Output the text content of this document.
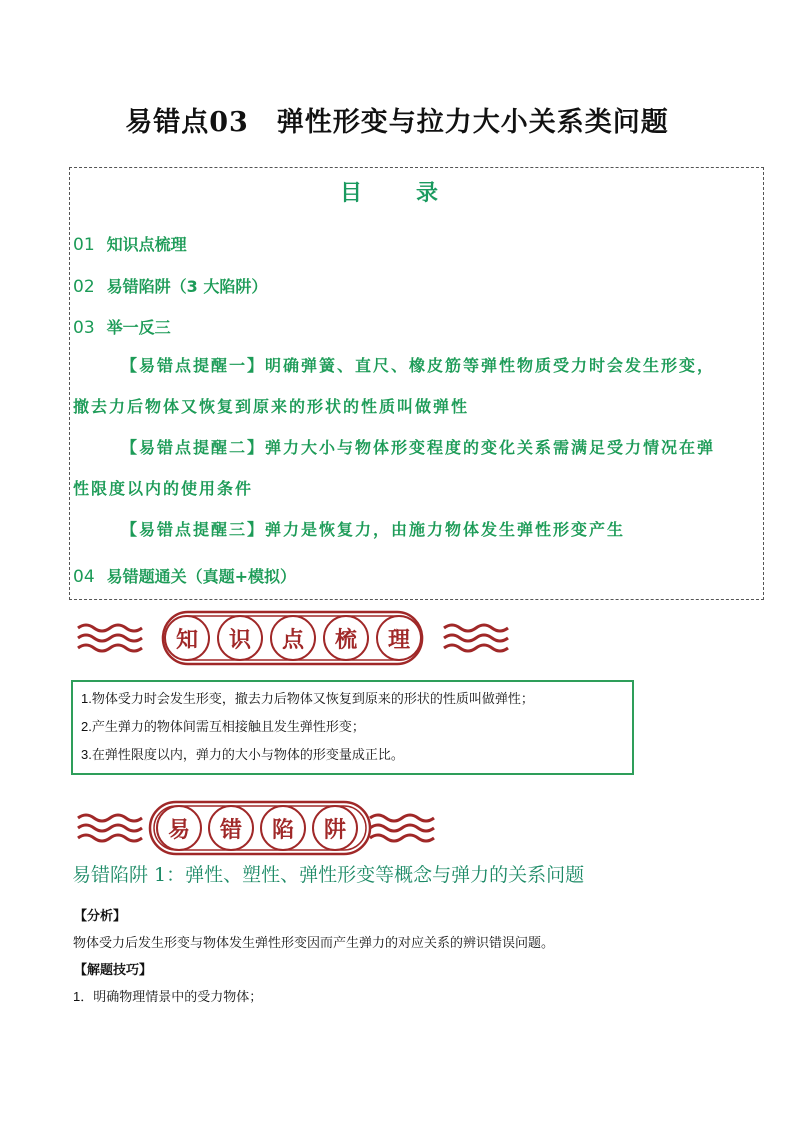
易错点03　弹性形变与拉力大小关系类问题
目　录
01 知识点梳理
02 易错陷阱（3 大陷阱）
03 举一反三
【易错点提醒一】明确弹簧、直尺、橡皮筋等弹性物质受力时会发生形变，撤去力后物体又恢复到原来的形状的性质叫做弹性
【易错点提醒二】弹力大小与物体形变程度的变化关系需满足受力情况在弹性限度以内的使用条件
【易错点提醒三】弹力是恢复力，由施力物体发生弹性形变产生
04 易错题通关（真题+模拟）
知	识	点	梳	理
1.物体受力时会发生形变，撤去力后物体又恢复到原来的形状的性质叫做弹性；
2.产生弹力的物体间需互相接触且发生弹性形变；
3.在弹性限度以内，弹力的大小与物体的形变量成正比。
易	错	陷	阱
易错陷阱 1：弹性、塑性、弹性形变等概念与弹力的关系问题
【分析】
物体受力后发生形变与物体发生弹性形变因而产生弹力的对应关系的辨识错误问题。
【解题技巧】
1．明确物理情景中的受力物体；
